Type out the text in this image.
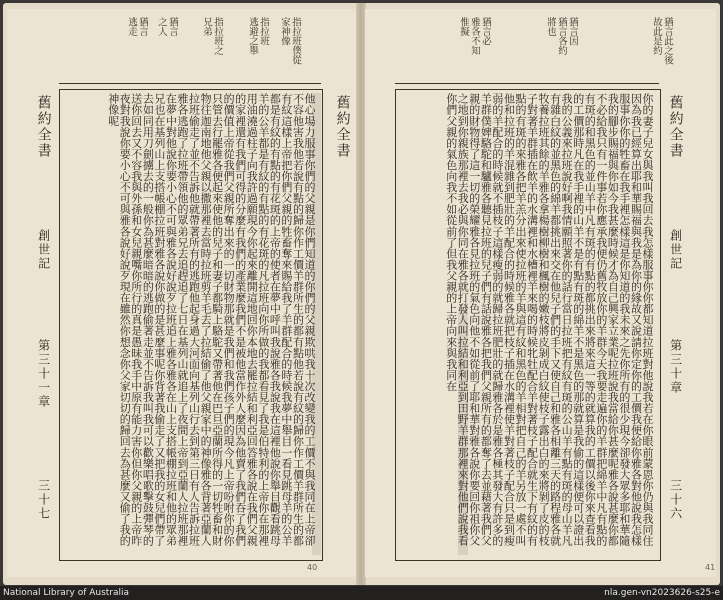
舊約全書
舊約全書
創世記
第三十一章
三十七
指拉班僕從
家神像
指拉班
逃避之舉
指拉班之
兄弟
猶言
之人
猶言
逃走
他心場力服事你們的父親是你們知道的你們的父親欺哄我十次改變我的工價不與我同在上帝卻不容他害我他若說有點的歸你作工價羊群所生的都有點他若說有紋的歸你作工價羊群所生的都有紋這樣上帝把你們父親的牲畜奪來賜給我了羊群配合的時候我夢中舉目一看見跳母羊的公羊都是有紋的有點的有花斑的上帝的使者在夢中呼叫我說雅各我說我在這裡他說你舉目觀看跳母羊的公羊都是有紋的有點的有花斑的凡拉班向你所做的我都看見了我是伯特利的上帝你在那裡用油澆過柱子向我許過願現今你起來離開這地回你本地去罷拉結和利亞回答雅各說在我們父親的家裡還有我們可得的分麼有我們的產業麼我們不是被他當作外人麼因為他賣了我們吞了我們的價值上帝從我們父親所奪出來的一切財物那就是我們和我們孩子們的現今凡上帝吩咐你的你只管去行罷雅各便起來使他的兒子和妻子都騎上駱駝又帶著他在巴旦亞蘭所得的一切牲畜和財物往迦南地他父親以撒那裡去當時拉班剪羊毛去了拉結偷了他父親家中的神像雅各背著亞蘭人拉班偷走了並不告訴他就帶著所有的逃跑他起身過大河面向基列山行去到第三日有人告訴拉班雅各逃跑了拉班帶領他的眾弟兄去追趕追了七日在基列山就追上了夜間上帝到亞蘭人拉班那裡在夢中對他說你要小心不可與雅各說好說歹拉班追上雅各雅各在山上支搭帳棚拉班和他的眾弟兄也在基列山上支搭帳棚拉班對雅各說你做的是甚麼事呢你背著我偷走了又把我的女兒們帶了去如同用刀劍擄去的一般你為甚麼暗暗的逃跑偷著走並不告訴我叫我可以歡樂唱歌擊鼓彈琴的送你回去又不容我與外孫和女兒親嘴你所行的真是愚昧我手中原有能力害你但你父親的上帝昨夜對我說你要小心不可與雅各說好說歹現在雖然你想念你父家切切的歸回去為甚麼又偷了我的神像呢
40
舊約全書
創世記
第三十章
三十六
猶言此之後
故此是約
猶言因
猶言各約
將也
猶言必
雅各不知
惟擬
你的妻子兒女與我叫我回去我怎樣服事你你都知道拉班對他說我若在你眼前蒙恩你仍與我同住因為我已經算出耶和華賜福與我是為你的緣故又說請你定你的工價我便給你雅各對他說我怎樣服事你你的牲畜在我手裡怎樣這是你知道的我未來之先你所有的很少現今卻發大眾多耶和華隨我的腳步賜福與你如今我甚麼時候才為自己興家立業呢拉班說我當給你甚麼呢雅各說甚麼你都不必給我只有一件事若你應承我便仍舊牧放你的羊群今天我要走遍你的羊群把綿羊中凡有點的有斑的和黑色的並山羊中凡有斑的有點的都挑出來將來這一等的就算我的工價以後你來查看我的工價那時凡在我手裡的山羊不是有點有斑的綿羊不是黑色的那就算是我偷的這樣便可以證出我的公義來拉班說好啊我情願照著你的話行當日拉班把有紋有斑的公山羊有點有斑的母山羊凡有雜白紋的並黑色的綿羊都挑出來交在他兒子們的手下又使自己和雅各相離三天的路程雅各就牧養拉班其餘的羊雅各拿楊樹柳樹和楓樹的嫩枝將皮剝成白紋使枝子露出白的來將剝了皮的枝子對著羊群插在飲羊的水溝裡和水槽裡羊來喝的時候牝牡配合羊對著枝子配合就生下有紋的有點的有斑的來雅各把羊羔分出來使拉班的羊與這有紋和黑色的羊相對把自己的羊另放一處不叫他和拉班的羊混雜到肥壯的羊配合的時候雅各就把枝子插在水溝裡使羊對著枝子配合只是到瘦弱的羊配合的時候就不插枝子這樣瘦弱的就歸拉班肥壯的就歸雅各於是雅各極其發大有許多的羊群僕婢駱駝和驢雅各聽見拉班的兒子們有話說雅各把我們父親所有的都奪了去並藉著我們父親的財物得了這一切的榮耀雅各見拉班的氣色向他不如從前了耶和華對雅各說你要回你祖你父之地到你親族那裡去我必與你同在雅各就打發人叫拉結和利亞到田野羊群那裡來對他們說我看你們父親的氣色向我不如從前了但我父親的上帝向來與我同在
41
National Library of Australia	nla.gen-vn2023626-s25-e
